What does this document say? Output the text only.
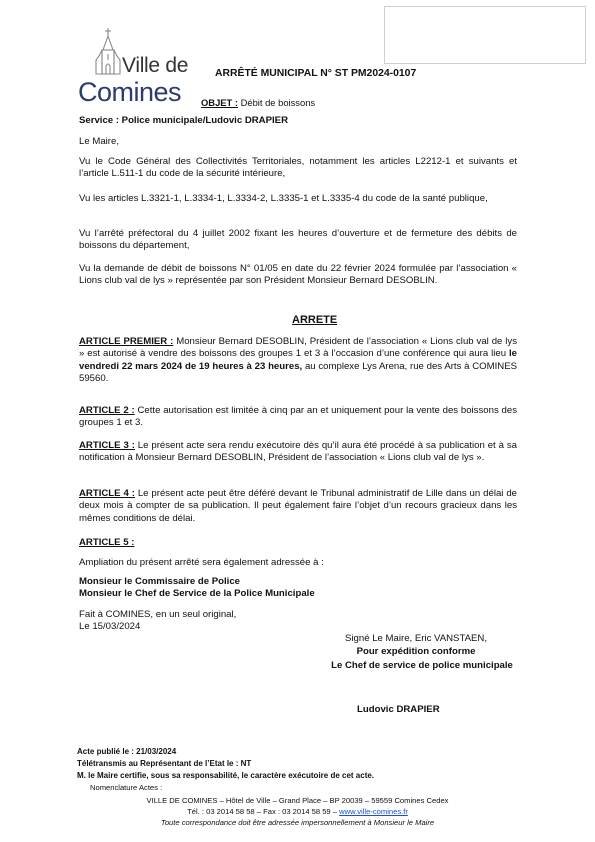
Ville de
Comines
ARRÊTÉ MUNICIPAL N° ST PM2024-0107
OBJET : Débit de boissons
Service : Police municipale/Ludovic DRAPIER
Le Maire,
Vu le Code Général des Collectivités Territoriales, notamment les articles L2212-1 et suivants et l’article L.511-1 du code de la sécurité intérieure,
Vu les articles L.3321-1, L.3334-1, L.3334-2, L.3335-1 et L.3335-4 du code de la santé publique,
Vu l’arrêté préfectoral du 4 juillet 2002 fixant les heures d’ouverture et de fermeture des débits de boissons du département,
Vu la demande de débit de boissons N° 01/05 en date du 22 février 2024 formulée par l’association « Lions club val de lys » représentée par son Président Monsieur Bernard DESOBLIN.
ARRETE
ARTICLE PREMIER : Monsieur Bernard DESOBLIN, Président de l’association « Lions club val de lys » est autorisé à vendre des boissons des groupes 1 et 3 à l’occasion d’une conférence qui aura lieu le vendredi 22 mars 2024 de 19 heures à 23 heures, au complexe Lys Arena, rue des Arts à COMINES 59560.
ARTICLE 2 : Cette autorisation est limitée à cinq par an et uniquement pour la vente des boissons des groupes 1 et 3.
ARTICLE 3 : Le présent acte sera rendu exécutoire dès qu’il aura été procédé à sa publication et à sa notification à Monsieur Bernard DESOBLIN, Président de l’association « Lions club val de lys ».
ARTICLE 4 : Le présent acte peut être déféré devant le Tribunal administratif de Lille dans un délai de deux mois à compter de sa publication. Il peut également faire l’objet d’un recours gracieux dans les mêmes conditions de délai.
ARTICLE 5 :
Ampliation du présent arrêté sera également adressée à :
Monsieur le Commissaire de Police
Monsieur le Chef de Service de la Police Municipale
Fait à COMINES, en un seul original,
Le 15/03/2024
Signé Le Maire, Eric VANSTAEN,
Pour expédition conforme
Le Chef de service de police municipale
Ludovic DRAPIER
Acte publié le : 21/03/2024
Télétransmis au Représentant de l’Etat le : NT
M. le Maire certifie, sous sa responsabilité, le caractère exécutoire de cet acte.
Nomenclature Actes :
VILLE DE COMINES – Hôtel de Ville – Grand Place – BP 20039 – 59559 Comines Cedex
Tél. : 03 2014 58 58 – Fax : 03 2014 58 59 – www.ville-comines.fr
Toute correspondance doit être adressée impersonnellement à Monsieur le Maire
